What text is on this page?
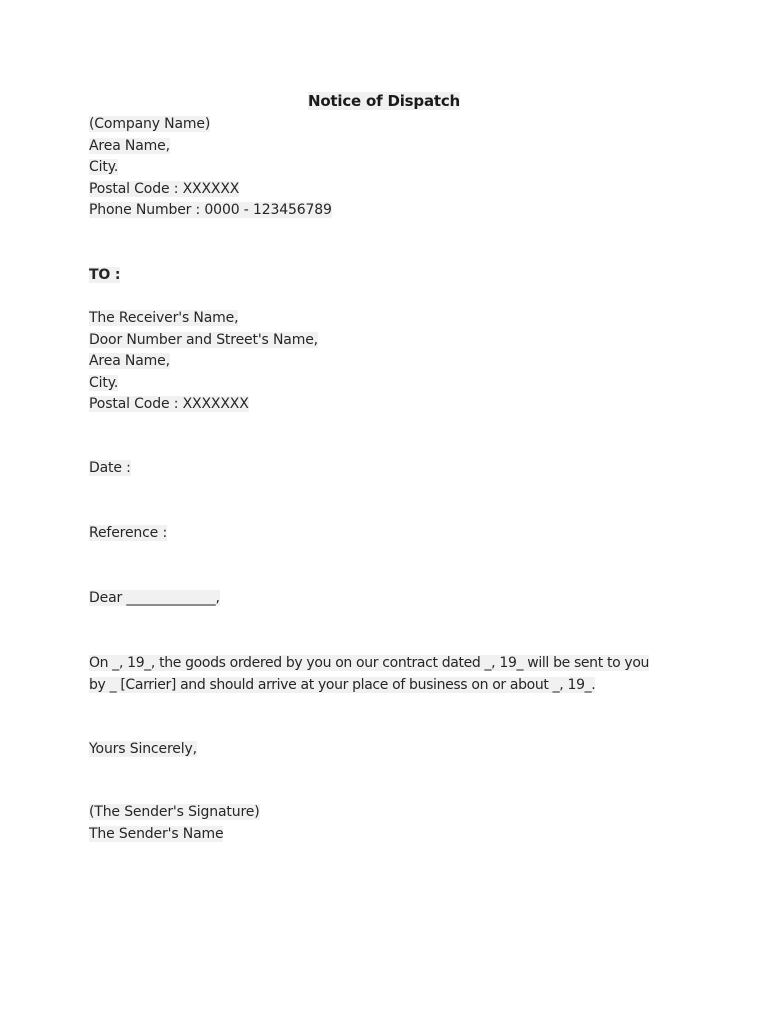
Notice of Dispatch
(Company Name)
Area Name,
City.
Postal Code : XXXXXX
Phone Number : 0000 - 123456789
TO :
The Receiver's Name,
Door Number and Street's Name,
Area Name,
City.
Postal Code : XXXXXXX
Date :
Reference :
Dear _____________,
On _, 19_, the goods ordered by you on our contract dated _, 19_ will be sent to you
by _ [Carrier] and should arrive at your place of business on or about _, 19_.
Yours Sincerely,
(The Sender's Signature)
The Sender's Name
